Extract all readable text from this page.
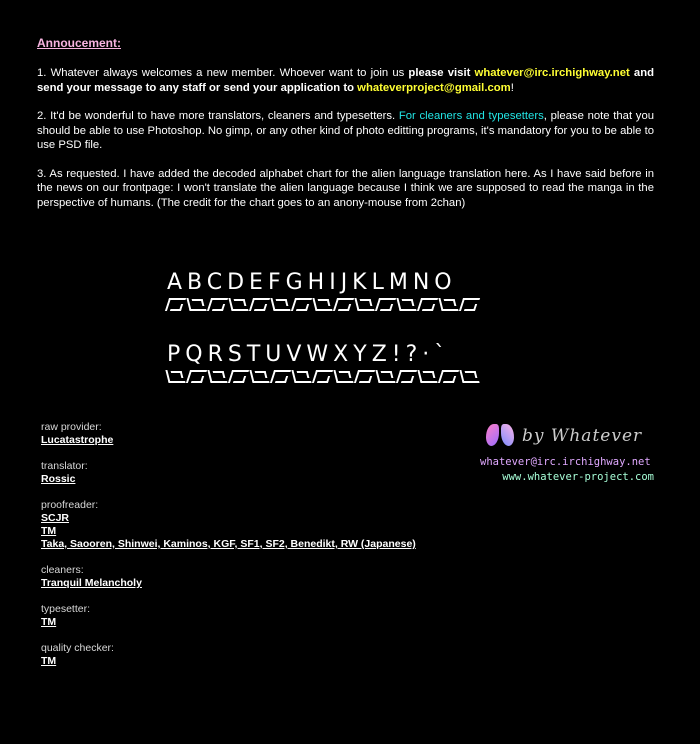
Annoucement:

1. Whatever always welcomes a new member. Whoever want to join us please visit whatever@irc.irchighway.net and send your message to any staff or send your application to whateverproject@gmail.com!

2. It'd be wonderful to have more translators, cleaners and typesetters. For cleaners and typesetters, please note that you should be able to use Photoshop. No gimp, or any other kind of photo editting programs, it's mandatory for you to be able to use PSD file.

3. As requested. I have added the decoded alphabet chart for the alien language translation here. As I have said before in the news on our frontpage: I won't translate the alien language because I think we are supposed to read the manga in the perspective of humans. (The credit for the chart goes to an anony-mouse from 2chan)

ABCDEFGHIJKLMNO
PQRSTUVWXYZ!?·ˋ
raw provider:
Lucatastrophe
translator:
Rossic
proofreader:
SCJR
TM
Taka, Saooren, Shinwei, Kaminos, KGF, SF1, SF2, Benedikt, RW (Japanese)
cleaners:
Tranquil Melancholy
typesetter:
TM
quality checker:
TM
by Whatever
whatever@irc.irchighway.net
www.whatever-project.com
